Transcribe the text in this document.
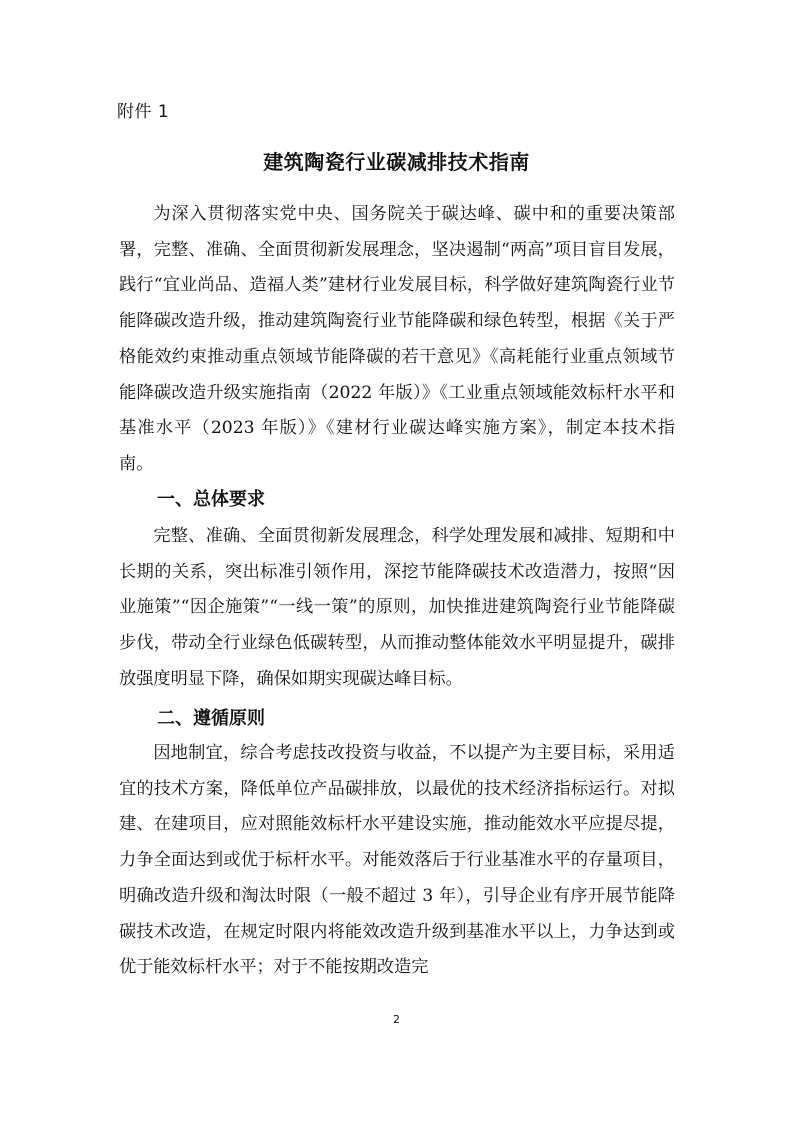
附件 1
建筑陶瓷行业碳减排技术指南

为深入贯彻落实党中央、国务院关于碳达峰、碳中和的重要决策部署，完整、准确、全面贯彻新发展理念，坚决遏制“两高”项目盲目发展，践行“宜业尚品、造福人类”建材行业发展目标，科学做好建筑陶瓷行业节能降碳改造升级，推动建筑陶瓷行业节能降碳和绿色转型，根据《关于严格能效约束推动重点领域节能降碳的若干意见》《高耗能行业重点领域节能降碳改造升级实施指南（2022 年版）》《工业重点领域能效标杆水平和基准水平（2023 年版）》《建材行业碳达峰实施方案》，制定本技术指南。

一、总体要求

完整、准确、全面贯彻新发展理念，科学处理发展和减排、短期和中长期的关系，突出标准引领作用，深挖节能降碳技术改造潜力，按照“因业施策”“因企施策”“一线一策”的原则，加快推进建筑陶瓷行业节能降碳步伐，带动全行业绿色低碳转型，从而推动整体能效水平明显提升，碳排放强度明显下降，确保如期实现碳达峰目标。

二、遵循原则

因地制宜，综合考虑技改投资与收益，不以提产为主要目标，采用适宜的技术方案，降低单位产品碳排放，以最优的技术经济指标运行。对拟建、在建项目，应对照能效标杆水平建设实施，推动能效水平应提尽提，力争全面达到或优于标杆水平。对能效落后于行业基准水平的存量项目，明确改造升级和淘汰时限（一般不超过 3 年），引导企业有序开展节能降碳技术改造，在规定时限内将能效改造升级到基准水平以上，力争达到或优于能效标杆水平；对于不能按期改造完

2
